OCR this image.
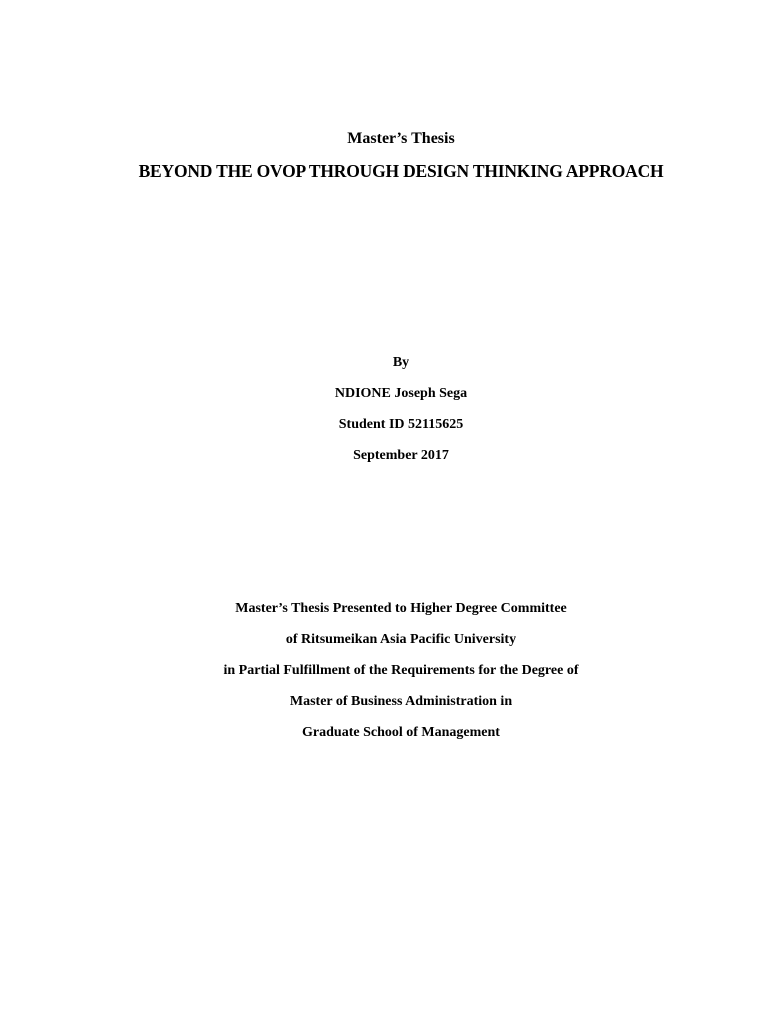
Master’s Thesis
BEYOND THE OVOP THROUGH DESIGN THINKING APPROACH
By
NDIONE Joseph Sega
Student ID 52115625
September 2017
Master’s Thesis Presented to Higher Degree Committee
of Ritsumeikan Asia Pacific University
in Partial Fulfillment of the Requirements for the Degree of
Master of Business Administration in
Graduate School of Management
